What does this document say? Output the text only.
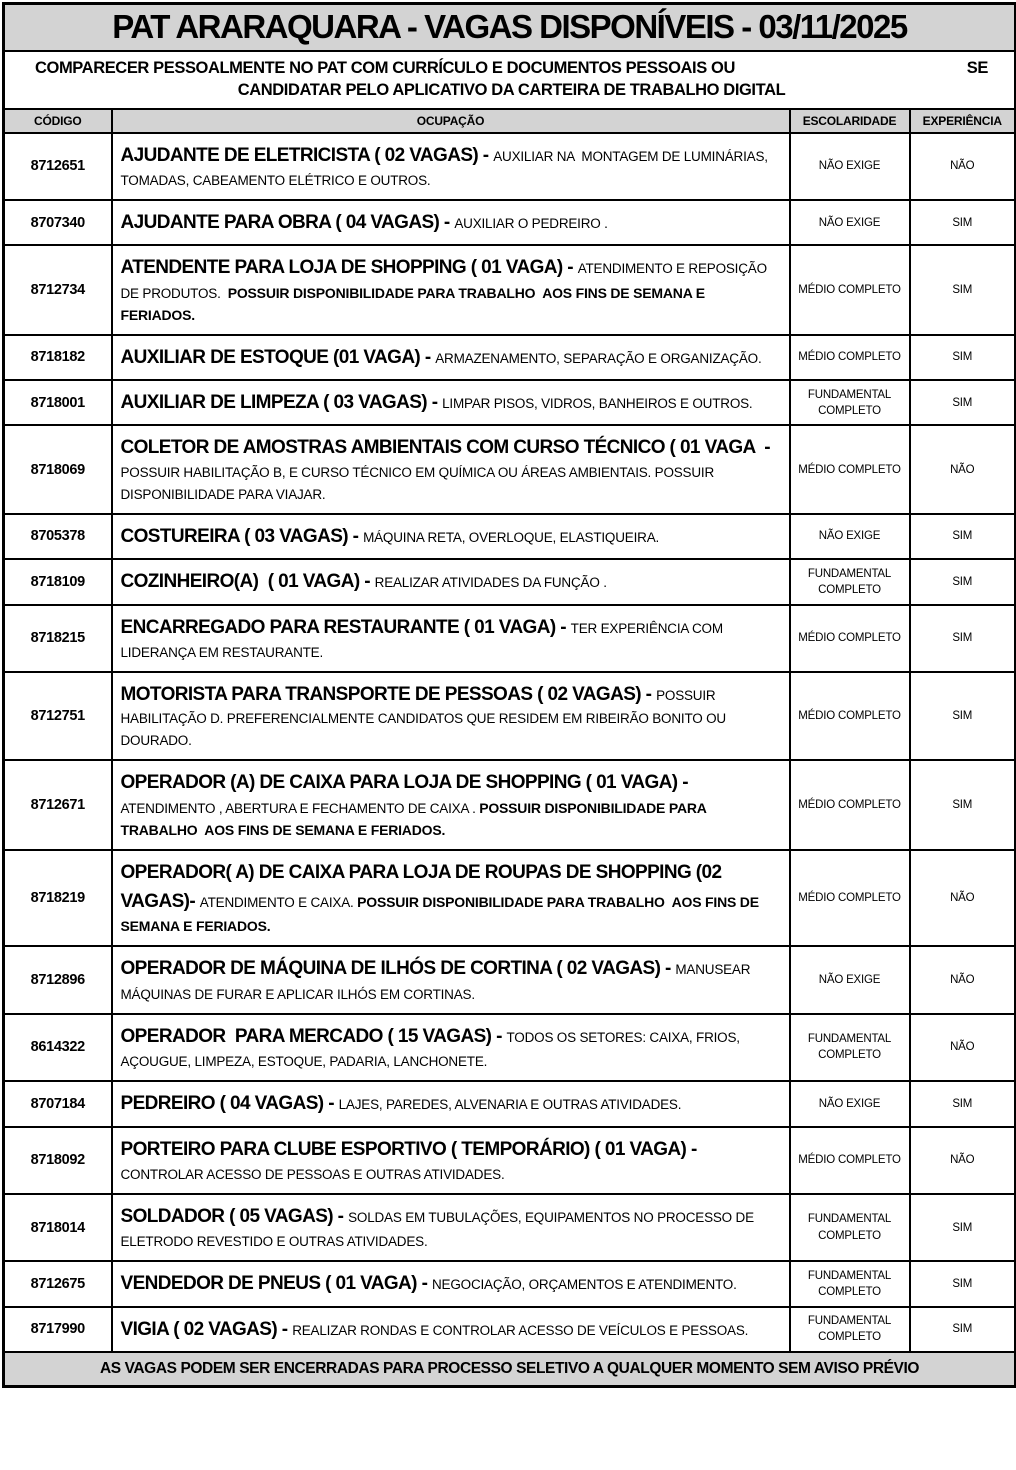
PAT ARARAQUARA - VAGAS DISPONÍVEIS - 03/11/2025			

COMPARECER PESSOALMENTE NO PAT COM CURRÍCULO E DOCUMENTOS PESSOAIS OU SE
CANDIDATAR PELO APLICATIVO DA CARTEIRA DE TRABALHO DIGITAL			

CÓDIGO	OCUPAÇÃO	ESCOLARIDADE	EXPERIÊNCIA
8712651	AJUDANTE DE ELETRICISTA ( 02 VAGAS) - AUXILIAR NA  MONTAGEM DE LUMINÁRIAS, TOMADAS, CABEAMENTO ELÉTRICO E OUTROS.	NÃO EXIGE	NÃO
8707340	AJUDANTE PARA OBRA ( 04 VAGAS) - AUXILIAR O PEDREIRO .	NÃO EXIGE	SIM
8712734	ATENDENTE PARA LOJA DE SHOPPING ( 01 VAGA) - ATENDIMENTO E REPOSIÇÃO DE PRODUTOS.  POSSUIR DISPONIBILIDADE PARA TRABALHO  AOS FINS DE SEMANA E FERIADOS.	MÉDIO COMPLETO	SIM
8718182	AUXILIAR DE ESTOQUE (01 VAGA) - ARMAZENAMENTO, SEPARAÇÃO E ORGANIZAÇÃO.	MÉDIO COMPLETO	SIM
8718001	AUXILIAR DE LIMPEZA ( 03 VAGAS) - LIMPAR PISOS, VIDROS, BANHEIROS E OUTROS.	FUNDAMENTAL COMPLETO	SIM
8718069	COLETOR DE AMOSTRAS AMBIENTAIS COM CURSO TÉCNICO ( 01 VAGA  - POSSUIR HABILITAÇÃO B, E CURSO TÉCNICO EM QUÍMICA OU ÁREAS AMBIENTAIS. POSSUIR DISPONIBILIDADE PARA VIAJAR.	MÉDIO COMPLETO	NÃO
8705378	COSTUREIRA ( 03 VAGAS) - MÁQUINA RETA, OVERLOQUE, ELASTIQUEIRA.	NÃO EXIGE	SIM
8718109	COZINHEIRO(A)  ( 01 VAGA) - REALIZAR ATIVIDADES DA FUNÇÃO .	FUNDAMENTAL COMPLETO	SIM
8718215	ENCARREGADO PARA RESTAURANTE ( 01 VAGA) - TER EXPERIÊNCIA COM LIDERANÇA EM RESTAURANTE.	MÉDIO COMPLETO	SIM
8712751	MOTORISTA PARA TRANSPORTE DE PESSOAS ( 02 VAGAS) - POSSUIR HABILITAÇÃO D. PREFERENCIALMENTE CANDIDATOS QUE RESIDEM EM RIBEIRÃO BONITO OU DOURADO.	MÉDIO COMPLETO	SIM
8712671	OPERADOR (A) DE CAIXA PARA LOJA DE SHOPPING ( 01 VAGA) - ATENDIMENTO , ABERTURA E FECHAMENTO DE CAIXA . POSSUIR DISPONIBILIDADE PARA TRABALHO  AOS FINS DE SEMANA E FERIADOS.	MÉDIO COMPLETO	SIM
8718219	OPERADOR( A) DE CAIXA PARA LOJA DE ROUPAS DE SHOPPING (02 VAGAS)- ATENDIMENTO E CAIXA. POSSUIR DISPONIBILIDADE PARA TRABALHO  AOS FINS DE SEMANA E FERIADOS.	MÉDIO COMPLETO	NÃO
8712896	OPERADOR DE MÁQUINA DE ILHÓS DE CORTINA ( 02 VAGAS) - MANUSEAR MÁQUINAS DE FURAR E APLICAR ILHÓS EM CORTINAS.	NÃO EXIGE	NÃO
8614322	OPERADOR  PARA MERCADO ( 15 VAGAS) - TODOS OS SETORES: CAIXA, FRIOS, AÇOUGUE, LIMPEZA, ESTOQUE, PADARIA, LANCHONETE.	FUNDAMENTAL COMPLETO	NÃO
8707184	PEDREIRO ( 04 VAGAS) - LAJES, PAREDES, ALVENARIA E OUTRAS ATIVIDADES.	NÃO EXIGE	SIM
8718092	PORTEIRO PARA CLUBE ESPORTIVO ( TEMPORÁRIO) ( 01 VAGA) - CONTROLAR ACESSO DE PESSOAS E OUTRAS ATIVIDADES.	MÉDIO COMPLETO	NÃO
8718014	SOLDADOR ( 05 VAGAS) - SOLDAS EM TUBULAÇÕES, EQUIPAMENTOS NO PROCESSO DE ELETRODO REVESTIDO E OUTRAS ATIVIDADES.	FUNDAMENTAL COMPLETO	SIM
8712675	VENDEDOR DE PNEUS ( 01 VAGA) - NEGOCIAÇÃO, ORÇAMENTOS E ATENDIMENTO.	FUNDAMENTAL COMPLETO	SIM
8717990	VIGIA ( 02 VAGAS) - REALIZAR RONDAS E CONTROLAR ACESSO DE VEÍCULOS E PESSOAS.	FUNDAMENTAL COMPLETO	SIM
AS VAGAS PODEM SER ENCERRADAS PARA PROCESSO SELETIVO A QUALQUER MOMENTO SEM AVISO PRÉVIO			
